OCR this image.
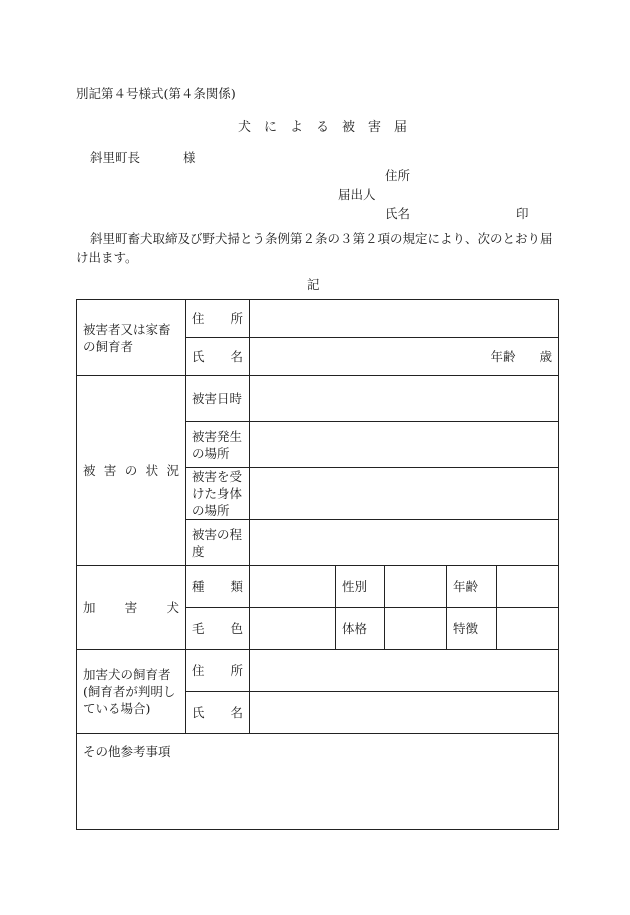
別記第４号様式(第４条関係)
犬による被害届
斜里町長	様
住所
届出人
氏名	印
斜里町畜犬取締及び野犬掃とう条例第２条の３第２項の規定により、次のとおり届け出ます。
記
被害者又は家畜の飼育者	住 所					

	氏 名	年齢 歳				

被 害 の 状 況	被害日時					
	被害発生の場所					
	被害を受けた身体の場所					
	被害の程度					

加 害 犬	種 類		性別		年齢	

	毛 色		体格		特徴	
加害犬の飼育者(飼育者が判明している場合)	住 所					

	氏 名					

その他参考事項						
